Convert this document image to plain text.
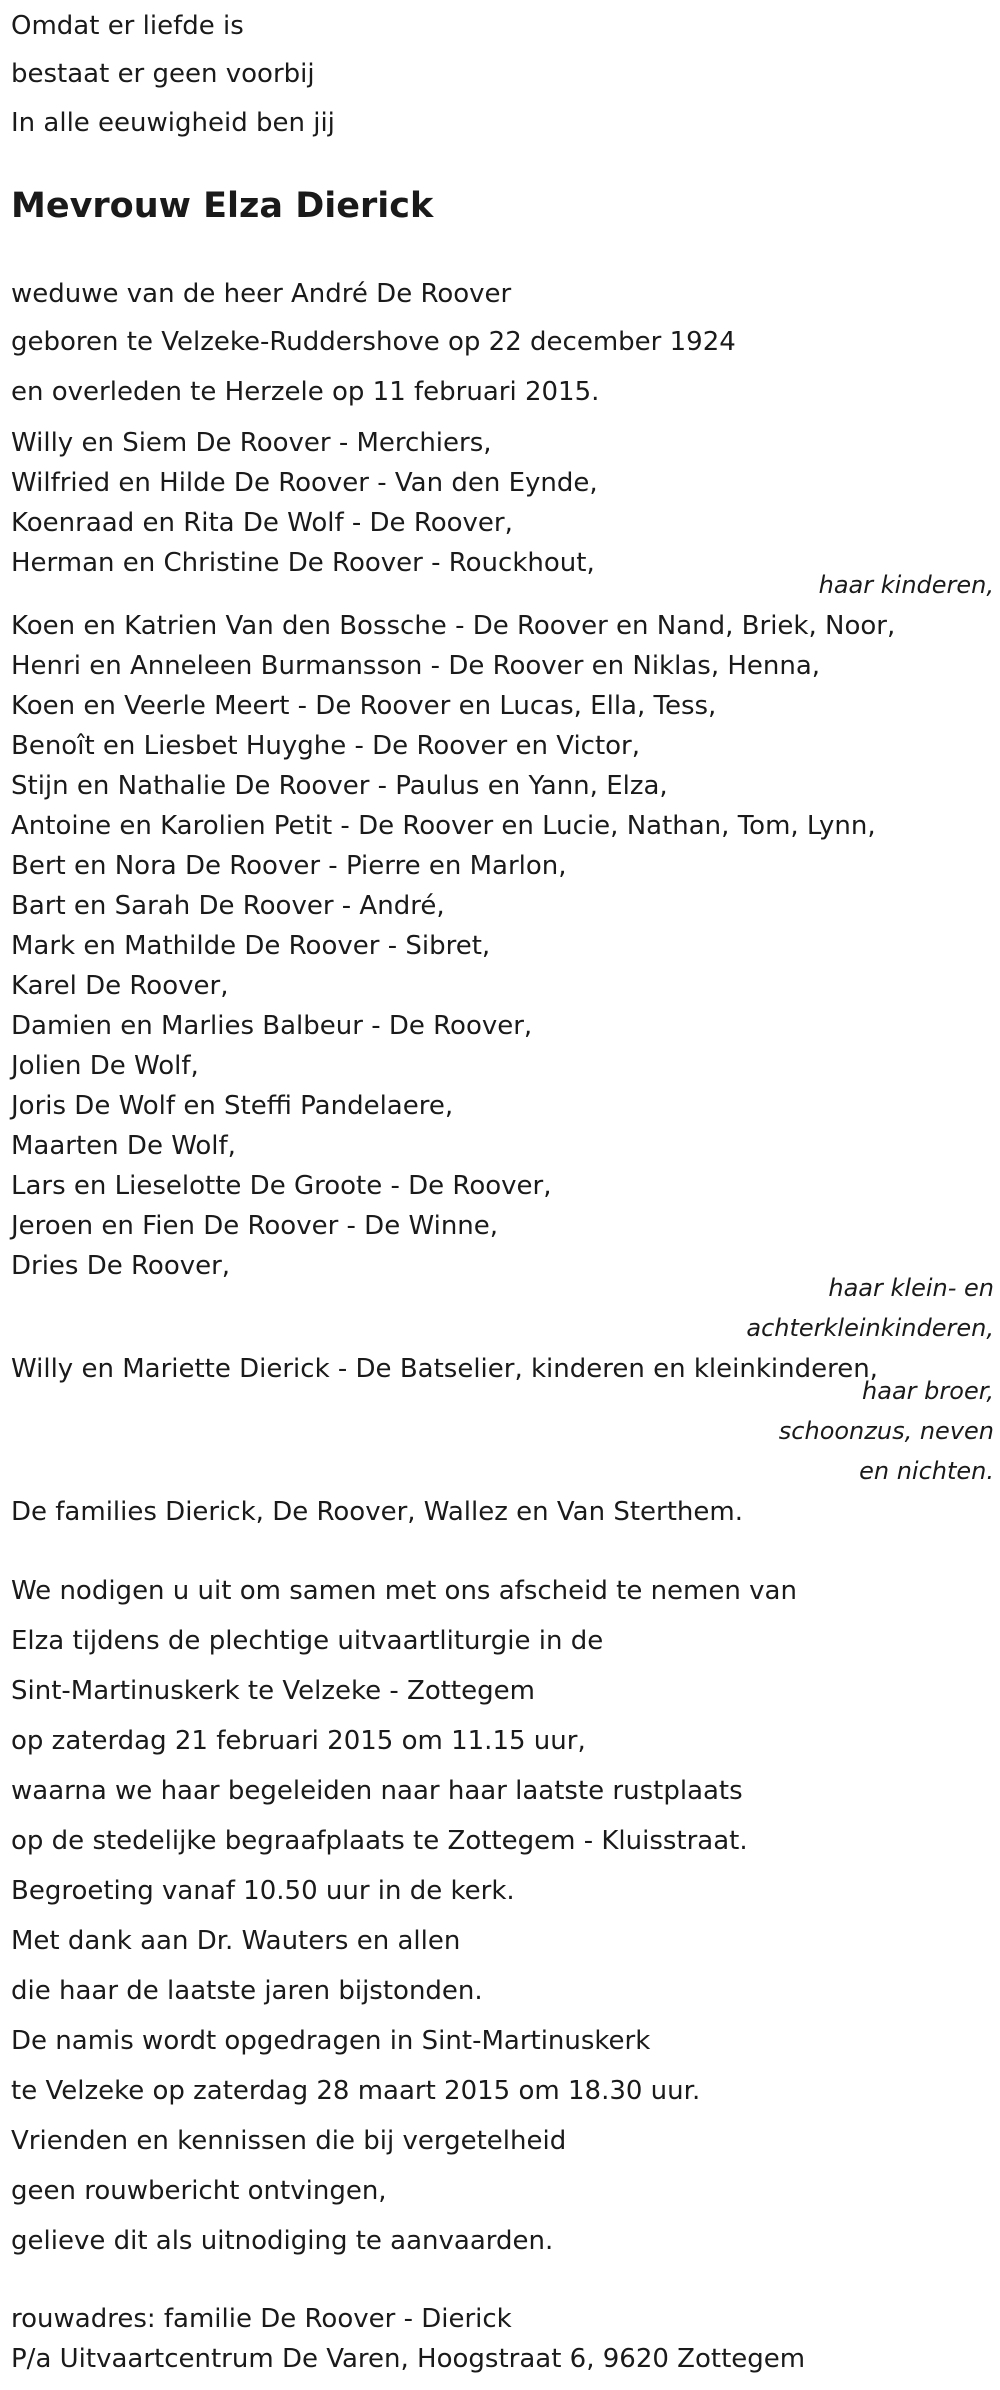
Omdat er liefde is
bestaat er geen voorbij
In alle eeuwigheid ben jij
Mevrouw Elza Dierick
weduwe van de heer André De Roover
geboren te Velzeke-Ruddershove op 22 december 1924
en overleden te Herzele op 11 februari 2015.
Willy en Siem De Roover - Merchiers,
Wilfried en Hilde De Roover - Van den Eynde,
Koenraad en Rita De Wolf - De Roover,
Herman en Christine De Roover - Rouckhout,
haar kinderen,
Koen en Katrien Van den Bossche - De Roover en Nand, Briek, Noor,
Henri en Anneleen Burmansson - De Roover en Niklas, Henna,
Koen en Veerle Meert - De Roover en Lucas, Ella, Tess,
Benoît en Liesbet Huyghe - De Roover en Victor,
Stijn en Nathalie De Roover - Paulus en Yann, Elza,
Antoine en Karolien Petit - De Roover en Lucie, Nathan, Tom, Lynn,
Bert en Nora De Roover - Pierre en Marlon,
Bart en Sarah De Roover - André,
Mark en Mathilde De Roover - Sibret,
Karel De Roover,
Damien en Marlies Balbeur - De Roover,
Jolien De Wolf,
Joris De Wolf en Steffi Pandelaere,
Maarten De Wolf,
Lars en Lieselotte De Groote - De Roover,
Jeroen en Fien De Roover - De Winne,
Dries De Roover,
haar klein- en
achterkleinkinderen,
Willy en Mariette Dierick - De Batselier, kinderen en kleinkinderen,
haar broer,
schoonzus, neven
en nichten.
De families Dierick, De Roover, Wallez en Van Sterthem.
We nodigen u uit om samen met ons afscheid te nemen van
Elza tijdens de plechtige uitvaartliturgie in de
Sint-Martinuskerk te Velzeke - Zottegem
op zaterdag 21 februari 2015 om 11.15 uur,
waarna we haar begeleiden naar haar laatste rustplaats
op de stedelijke begraafplaats te Zottegem - Kluisstraat.
Begroeting vanaf 10.50 uur in de kerk.
Met dank aan Dr. Wauters en allen
die haar de laatste jaren bijstonden.
De namis wordt opgedragen in Sint-Martinuskerk
te Velzeke op zaterdag 28 maart 2015 om 18.30 uur.
Vrienden en kennissen die bij vergetelheid
geen rouwbericht ontvingen,
gelieve dit als uitnodiging te aanvaarden.
rouwadres: familie De Roover - Dierick
P/a Uitvaartcentrum De Varen, Hoogstraat 6, 9620 Zottegem
